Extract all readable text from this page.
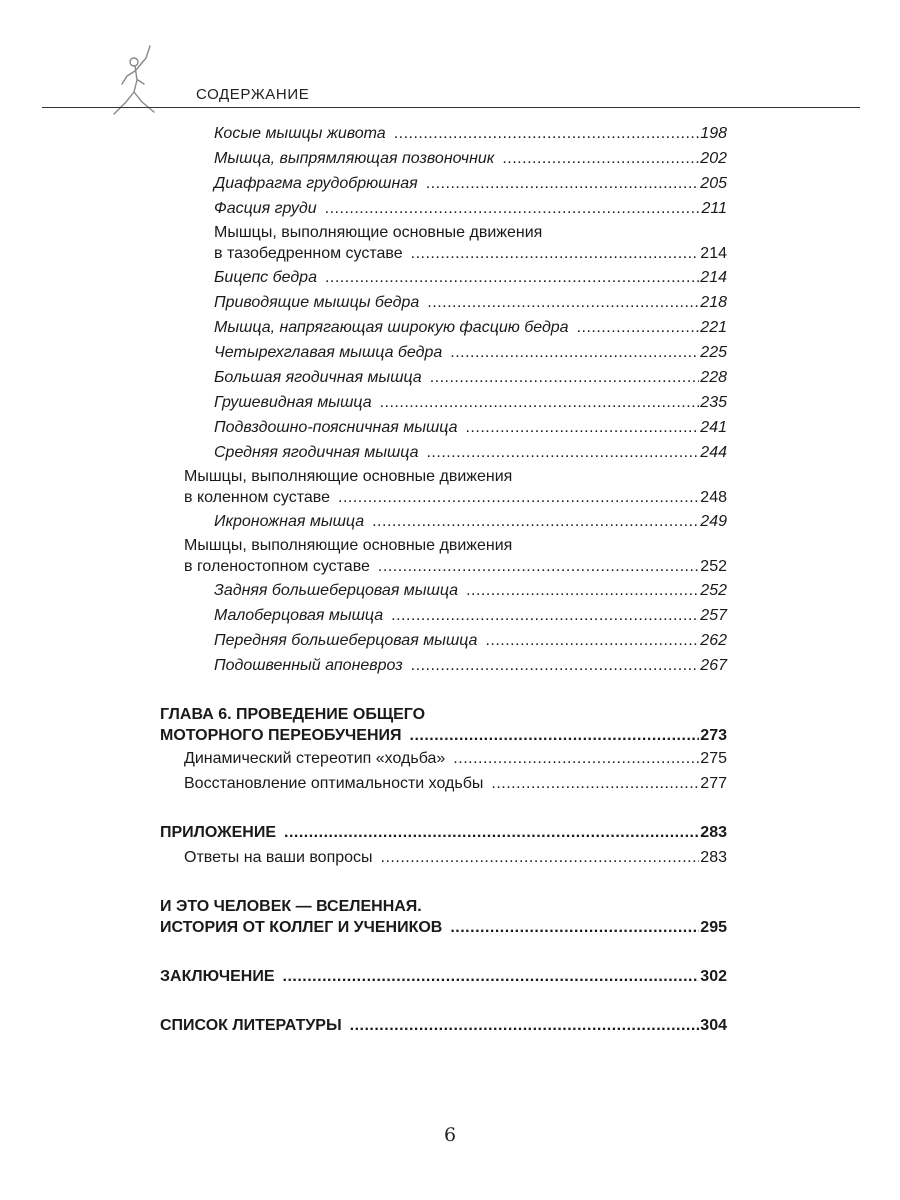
СОДЕРЖАНИЕ
Косые мышцы живота .....	198
Мышца, выпрямляющая позвоночник .....	202
Диафрагма грудобрюшная .....	205
Фасция груди .....	211
Мышцы, выполняющие основные движения
в тазобедренном суставе .....	214
Бицепс бедра .....	214
Приводящие мышцы бедра .....	218
Мышца, напрягающая широкую фасцию бедра .....	221
Четырехглавая мышца бедра .....	225
Большая ягодичная мышца .....	228
Грушевидная мышца .....	235
Подвздошно-поясничная мышца .....	241
Средняя ягодичная мышца .....	244
Мышцы, выполняющие основные движения
в коленном суставе .....	248
Икроножная мышца .....	249
Мышцы, выполняющие основные движения
в голеностопном суставе .....	252
Задняя большеберцовая мышца .....	252
Малоберцовая мышца .....	257
Передняя большеберцовая мышца .....	262
Подошвенный апоневроз .....	267
ГЛАВА 6. ПРОВЕДЕНИЕ ОБЩЕГО
МОТОРНОГО ПЕРЕОБУЧЕНИЯ .....	273
Динамический стереотип «ходьба» .....	275
Восстановление оптимальности ходьбы .....	277
ПРИЛОЖЕНИЕ .....	283
Ответы на ваши вопросы .....	283
И ЭТО ЧЕЛОВЕК — ВСЕЛЕННАЯ.
ИСТОРИЯ ОТ КОЛЛЕГ И УЧЕНИКОВ .....	295
ЗАКЛЮЧЕНИЕ .....	302
СПИСОК ЛИТЕРАТУРЫ .....	304
6
